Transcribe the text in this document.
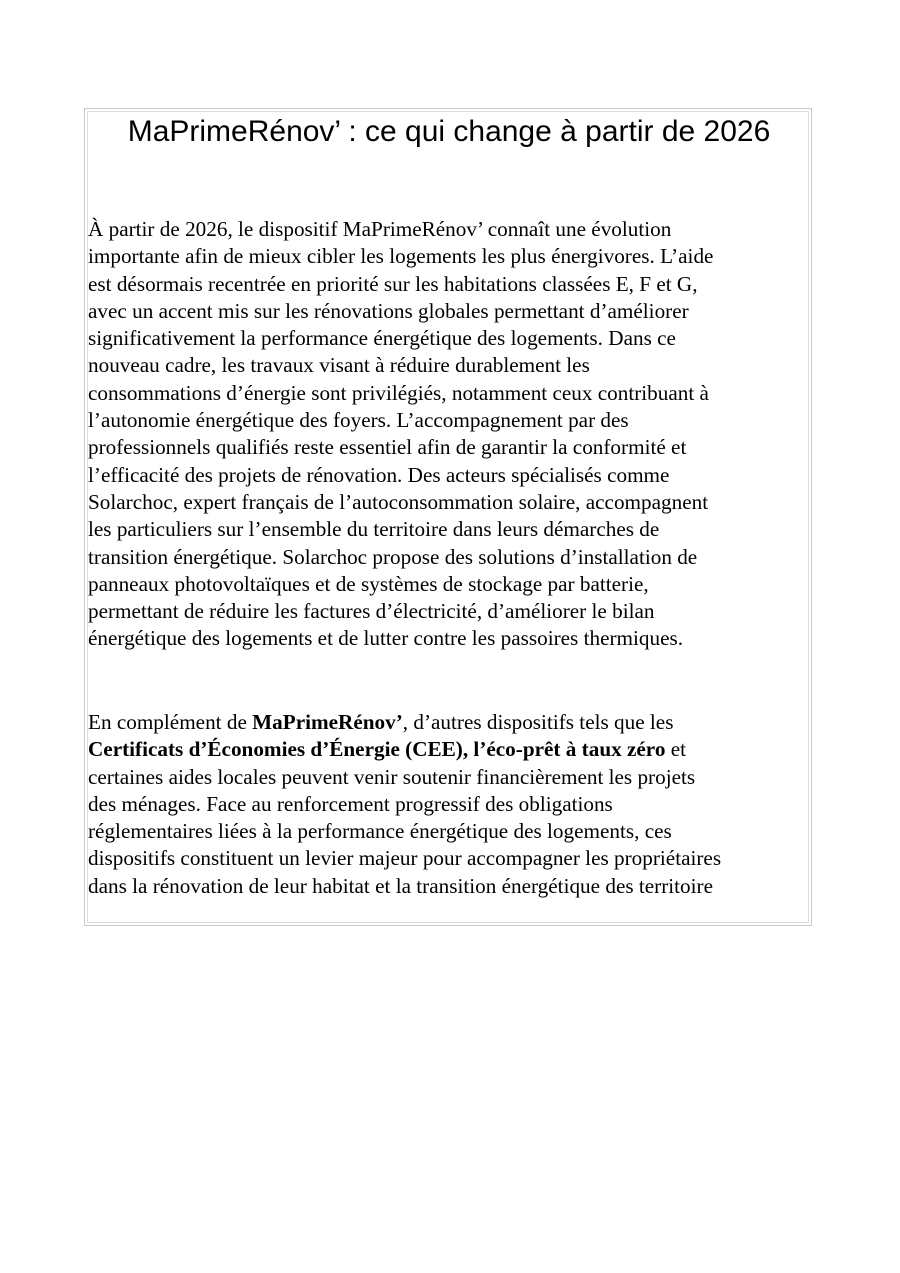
MaPrimeRénov’ : ce qui change à partir de 2026

À partir de 2026, le dispositif MaPrimeRénov’ connaît une évolution
importante afin de mieux cibler les logements les plus énergivores. L’aide
est désormais recentrée en priorité sur les habitations classées E, F et G,
avec un accent mis sur les rénovations globales permettant d’améliorer
significativement la performance énergétique des logements. Dans ce
nouveau cadre, les travaux visant à réduire durablement les
consommations d’énergie sont privilégiés, notamment ceux contribuant à
l’autonomie énergétique des foyers. L’accompagnement par des
professionnels qualifiés reste essentiel afin de garantir la conformité et
l’efficacité des projets de rénovation. Des acteurs spécialisés comme
Solarchoc, expert français de l’autoconsommation solaire, accompagnent
les particuliers sur l’ensemble du territoire dans leurs démarches de
transition énergétique. Solarchoc propose des solutions d’installation de
panneaux photovoltaïques et de systèmes de stockage par batterie,
permettant de réduire les factures d’électricité, d’améliorer le bilan
énergétique des logements et de lutter contre les passoires thermiques.

En complément de MaPrimeRénov’, d’autres dispositifs tels que les
Certificats d’Économies d’Énergie (CEE), l’éco-prêt à taux zéro et
certaines aides locales peuvent venir soutenir financièrement les projets
des ménages. Face au renforcement progressif des obligations
réglementaires liées à la performance énergétique des logements, ces
dispositifs constituent un levier majeur pour accompagner les propriétaires
dans la rénovation de leur habitat et la transition énergétique des territoire
